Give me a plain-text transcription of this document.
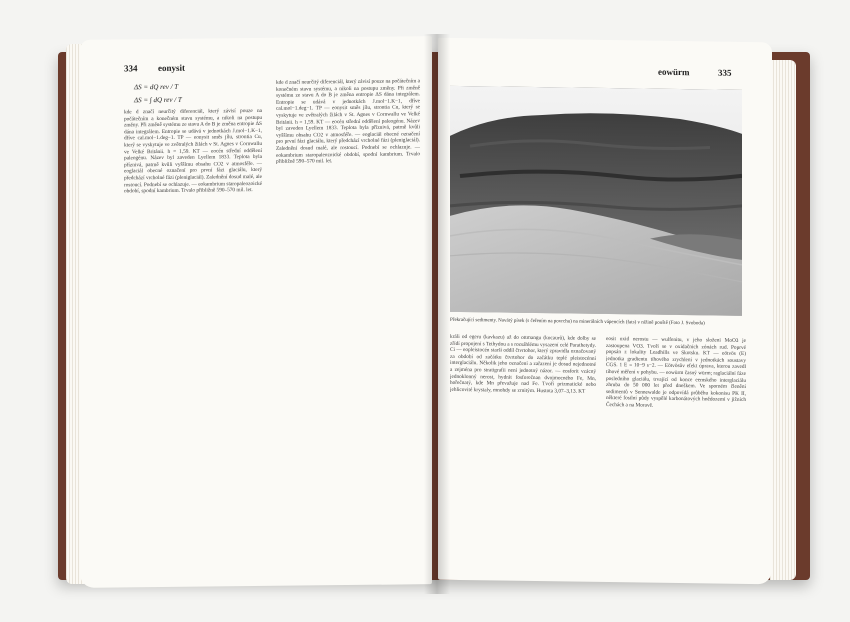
334 eonysit
ΔS = dQ rev / T
ΔS = ∫ dQ rev / T
kde d značí neurčitý diferenciál, který závisí pouze na počátečním a konečném stavu systému, a nikoli na postupu změny. Při změně systému ze stavu A do B je změna entropie ΔS dána integrálem. Entropie se udává v jednotkách J.mol−1.K−1, dříve cal.mol−1.deg−1. TP — eonysit směs jílu, strontia Cu, který se vyskytuje ve zvětralých žilách v St. Agnes v Cornwallu ve Velké Británii. h = 1,59. KT — eocén střední oddělení paleogénu. Název byl zaveden Lyellem 1833. Teplota byla příznivá, patrně kvůli vyššímu obsahu CO2 v atmosféře. — eoglaciál obecné označení pro první fázi glaciálu, který předchází vrcholné fázi (pleniglaciál). Zalednění dosud malé, ale rostoucí. Podnebí se ochlazuje. — eokambrium staropaleozoické období, spodní kambrium. Trvalo přibližně 590–570 mil. let.
kde d značí neurčitý diferenciál, který závisí pouze na počátečním a konečném stavu systému, a nikoli na postupu změny. Při změně systému ze stavu A do B je změna entropie ΔS dána integrálem. Entropie se udává v jednotkách J.mol−1.K−1, dříve cal.mol−1.deg−1. TP — eonysit směs jílu, strontia Cu, který se vyskytuje ve zvětralých žilách v St. Agnes v Cornwallu ve Velké Británii. h = 1,59. KT — eocén střední oddělení paleogénu. Název byl zaveden Lyellem 1833. Teplota byla příznivá, patrně kvůli vyššímu obsahu CO2 v atmosféře. — eoglaciál obecné označení pro první fázi glaciálu, který předchází vrcholné fázi (pleniglaciál). Zalednění dosud malé, ale rostoucí. Podnebí se ochlazuje. — eokambrium staropaleozoické období, spodní kambrium. Trvalo přibližně 590–570 mil. let.
eowürm	335
Překračující sedimenty. Navátý písek (s čeřením na povrchu) na minerálních vápencích (fats) v nížině pouště (Foto J. Svoboda)
králi od egeru (kavkazu) až do ottmangu (kocaurů), kde dolby se zřídí propojení s Tethydou a s rozsáhlému vysazení celé Parathetydy. Ci — eopleistocén starší oddíl čtvrtohor, který zpravidla označovaný za období od začátku čtvrtohor do začátku teplé pleistocénní interglaciálu. Několik jeho označení a zařazení je dosud nejednotné a zejména pro stratigrafii není jednotný názor. — eosforit vzácný jednoklonný nerost, hydrát fosforečnan dvojmocného Fe, Mn, hořečnatý, kde Mn převažuje nad Fe. Tvoří prizmatické nebo jehlicovité krystaly, mnohdy se zrnitým. Hustota 3,07–3,13. KT
eosit oxid nerostu — wulfenitu, v jeho složení MoO3 je zastoupena VO3. Tvoří se v oxidačních zónách rud. Poprvé popsán z lokality Leadhills ve Skotsku. KT — eötvös (E) jednotka gradientu tíhového zrychlení v jednotkách soustavy CGS. 1 E = 10−9 s−2. — Eötvösův efekt úprava, kterou zavedl tíhové měření v pohybu. — eowürm časný würm; raglaciální fáze posledního glaciálu, trvající od konce eemského interglaciálu zhruba do 50 000 let před dneškem. Ve sporném členění sedimentů v Sennewalde je odpovídá průběhu kokonisu PK II, některé fosilní půdy vyspělé karbonátových hnědozemí v jižních Čechách a na Moravě.
